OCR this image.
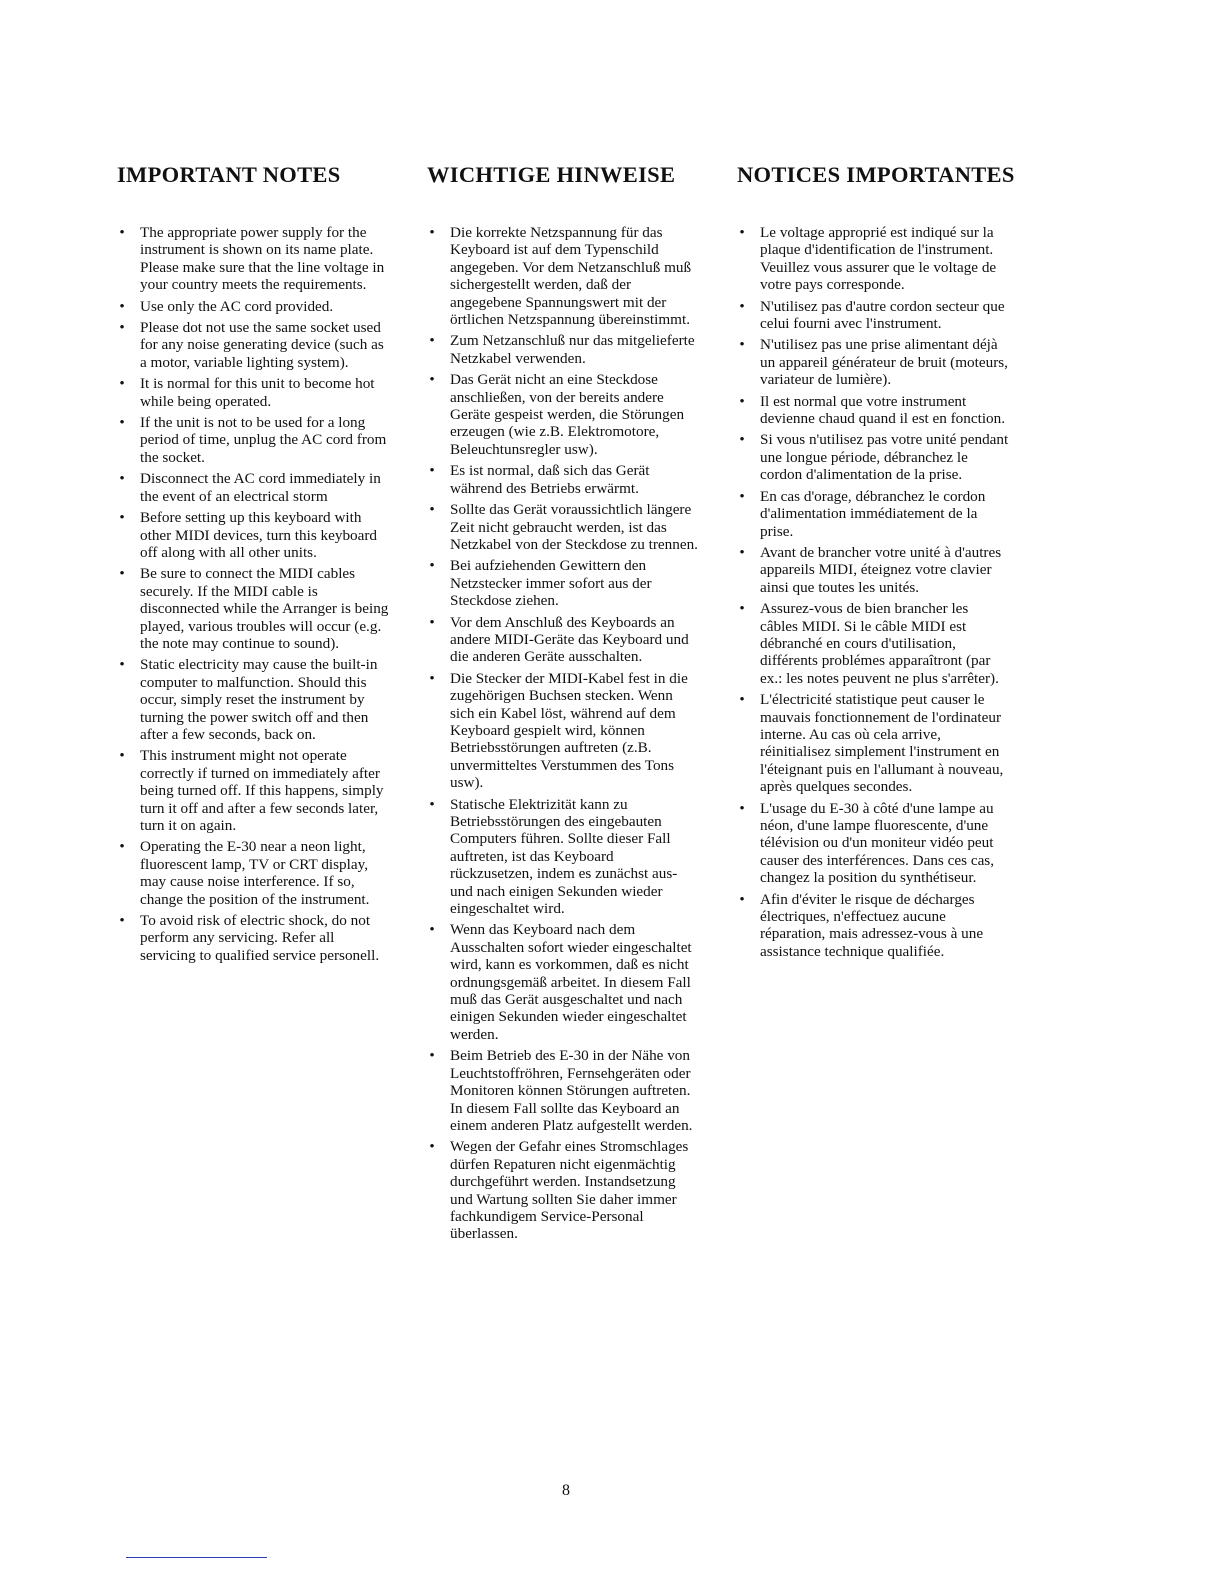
IMPORTANT NOTES
• The appropriate power supply for the instrument is shown on its name plate. Please make sure that the line voltage in your country meets the requirements.
• Use only the AC cord provided.
• Please dot not use the same socket used for any noise generating device (such as a motor, variable lighting system).
• It is normal for this unit to become hot while being operated.
• If the unit is not to be used for a long period of time, unplug the AC cord from the socket.
• Disconnect the AC cord immediately in the event of an electrical storm
• Before setting up this keyboard with other MIDI devices, turn this keyboard off along with all other units.
• Be sure to connect the MIDI cables securely. If the MIDI cable is disconnected while the Arranger is being played, various troubles will occur (e.g. the note may continue to sound).
• Static electricity may cause the built-in computer to malfunction. Should this occur, simply reset the instrument by turning the power switch off and then after a few seconds, back on.
• This instrument might not operate correctly if turned on immediately after being turned off. If this happens, simply turn it off and after a few seconds later, turn it on again.
• Operating the E-30 near a neon light, fluorescent lamp, TV or CRT display, may cause noise interference. If so, change the position of the instrument.
• To avoid risk of electric shock, do not perform any servicing. Refer all servicing to qualified service personell.
WICHTIGE HINWEISE
• Die korrekte Netzspannung für das Keyboard ist auf dem Typenschild angegeben. Vor dem Netzanschluß muß sichergestellt werden, daß der angegebene Spannungswert mit der örtlichen Netzspannung übereinstimmt.
• Zum Netzanschluß nur das mitgelieferte Netzkabel verwenden.
• Das Gerät nicht an eine Steckdose anschließen, von der bereits andere Geräte gespeist werden, die Störungen erzeugen (wie z.B. Elektromotore, Beleuchtunsregler usw).
• Es ist normal, daß sich das Gerät während des Betriebs erwärmt.
• Sollte das Gerät voraussichtlich längere Zeit nicht gebraucht werden, ist das Netzkabel von der Steckdose zu trennen.
• Bei aufziehenden Gewittern den Netzstecker immer sofort aus der Steckdose ziehen.
• Vor dem Anschluß des Keyboards an andere MIDI-Geräte das Keyboard und die anderen Geräte ausschalten.
• Die Stecker der MIDI-Kabel fest in die zugehörigen Buchsen stecken. Wenn sich ein Kabel löst, während auf dem Keyboard gespielt wird, können Betriebsstörungen auftreten (z.B. unvermitteltes Verstummen des Tons usw).
• Statische Elektrizität kann zu Betriebsstörungen des eingebauten Computers führen. Sollte dieser Fall auftreten, ist das Keyboard rückzusetzen, indem es zunächst aus- und nach einigen Sekunden wieder eingeschaltet wird.
• Wenn das Keyboard nach dem Ausschalten sofort wieder eingeschaltet wird, kann es vorkommen, daß es nicht ordnungsgemäß arbeitet. In diesem Fall muß das Gerät ausgeschaltet und nach einigen Sekunden wieder eingeschaltet werden.
• Beim Betrieb des E-30 in der Nähe von Leuchtstoffröhren, Fernsehgeräten oder Monitoren können Störungen auftreten. In diesem Fall sollte das Keyboard an einem anderen Platz aufgestellt werden.
• Wegen der Gefahr eines Stromschlages dürfen Repaturen nicht eigenmächtig durchgeführt werden. Instandsetzung und Wartung sollten Sie daher immer fachkundigem Service-Personal überlassen.
NOTICES IMPORTANTES
• Le voltage approprié est indiqué sur la plaque d'identification de l'instrument. Veuillez vous assurer que le voltage de votre pays corresponde.
• N'utilisez pas d'autre cordon secteur que celui fourni avec l'instrument.
• N'utilisez pas une prise alimentant déjà un appareil générateur de bruit (moteurs, variateur de lumière).
• Il est normal que votre instrument devienne chaud quand il est en fonction.
• Si vous n'utilisez pas votre unité pendant une longue période, débranchez le cordon d'alimentation de la prise.
• En cas d'orage, débranchez le cordon d'alimentation immédiatement de la prise.
• Avant de brancher votre unité à d'autres appareils MIDI, éteignez votre clavier ainsi que toutes les unités.
• Assurez-vous de bien brancher les câbles MIDI. Si le câble MIDI est débranché en cours d'utilisation, différents problémes apparaîtront (par ex.: les notes peuvent ne plus s'arrêter).
• L'électricité statistique peut causer le mauvais fonctionnement de l'ordinateur interne. Au cas où cela arrive, réinitialisez simplement l'instrument en l'éteignant puis en l'allumant à nouveau, après quelques secondes.
• L'usage du E-30 à côté d'une lampe au néon, d'une lampe fluorescente, d'une télévision ou d'un moniteur vidéo peut causer des interférences. Dans ces cas, changez la position du synthétiseur.
• Afin d'éviter le risque de décharges électriques, n'effectuez aucune réparation, mais adressez-vous à une assistance technique qualifiée.
8
